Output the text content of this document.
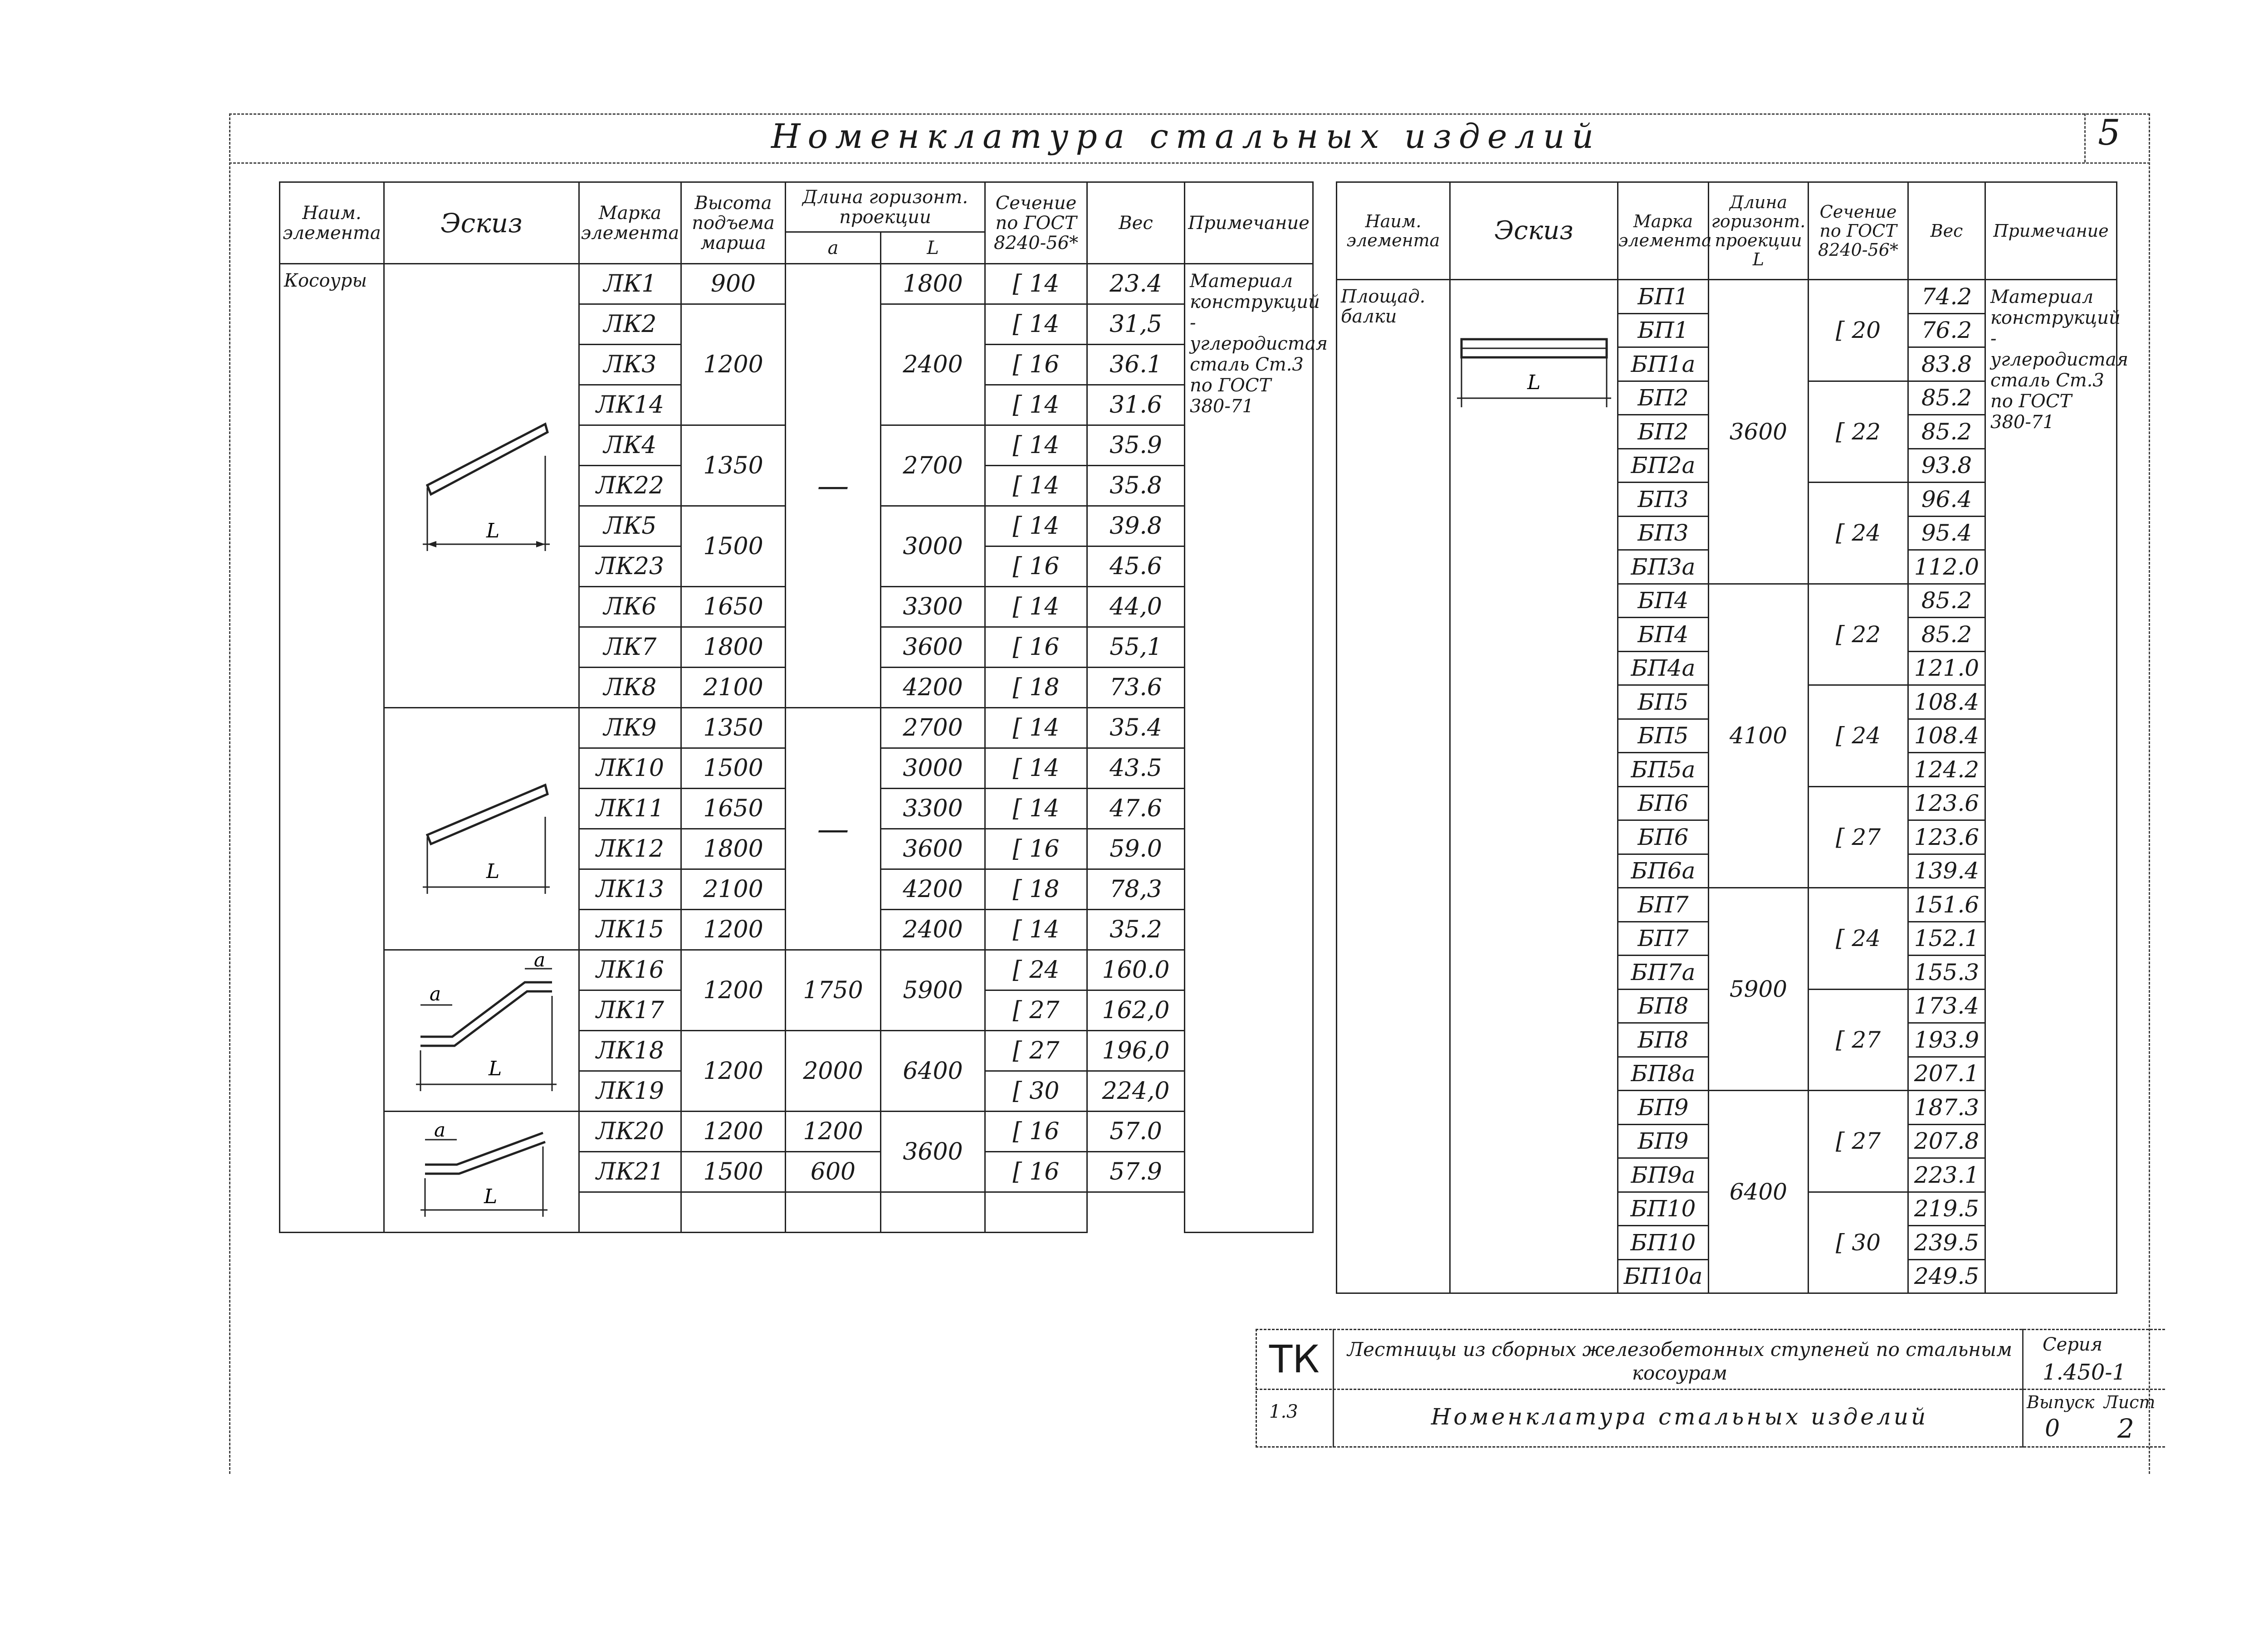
Номенклатура стальных изделий	5
Наим. элемента	Эскиз	Марка элемента	Высота подъема марша	Длина горизонт. проекции		Сечение по ГОСТ 8240-56*	Вес	Примечание
				a	L			
Косоуры	L	ЛК1	900	—	1800	[ 14	23.4	Материал конструкций - углеродистая сталь Ст.3 по ГОСТ 380-71
		ЛК2	1200		2400	[ 14	31,5	
		ЛК3				[ 16	36.1	
		ЛК14				[ 14	31.6	
		ЛК4	1350		2700	[ 14	35.9	
		ЛК22				[ 14	35.8	
		ЛК5	1500		3000	[ 14	39.8	
		ЛК23				[ 16	45.6	
		ЛК6	1650		3300	[ 14	44,0	
		ЛК7	1800		3600	[ 16	55,1	
		ЛК8	2100		4200	[ 18	73.6	

L	ЛК9	1350	—	2700	[ 14	35.4	
		ЛК10	1500		3000	[ 14	43.5	
		ЛК11	1650		3300	[ 14	47.6	
		ЛК12	1800		3600	[ 16	59.0	
		ЛК13	2100		4200	[ 18	78,3	
		ЛК15	1200		2400	[ 14	35.2	

a
a
L	ЛК16	1200	1750	5900	[ 24	160.0	
		ЛК17				[ 27	162,0	
		ЛК18	1200	2000	6400	[ 27	196,0	
		ЛК19				[ 30	224,0	

a
L	ЛК20	1200	1200	3600	[ 16	57.0	
		ЛК21	1500	600		[ 16	57.9	

Наим. элемента	Эскиз	Марка элемента	Длина горизонт. проекции L	Сечение по ГОСТ 8240-56*	Вес	Примечание
Площад. балки	L	БП1	3600	[ 20	74.2	Материал конструкций - углеродистая сталь Ст.3 по ГОСТ 380-71
		БП1			76.2	
		БП1а			83.8	
		БП2		[ 22	85.2	
		БП2			85.2	
		БП2а			93.8	
		БП3		[ 24	96.4	
		БП3			95.4	
		БП3а			112.0	
		БП4	4100	[ 22	85.2	
		БП4			85.2	
		БП4а			121.0	
		БП5		[ 24	108.4	
		БП5			108.4	
		БП5а			124.2	
		БП6		[ 27	123.6	
		БП6			123.6	
		БП6а			139.4	
		БП7	5900	[ 24	151.6	
		БП7			152.1	
		БП7а			155.3	
		БП8		[ 27	173.4	
		БП8			193.9	
		БП8а			207.1	
		БП9	6400	[ 27	187.3	
		БП9			207.8	
		БП9а			223.1	
		БП10		[ 30	219.5	
		БП10			239.5	
		БП10а			249.5	
ТК
1.3
Лестницы из сборных железобетонных ступеней по стальным косоурам
Номенклатура стальных изделий
Серия
1.450-1
Выпуск Лист
0 2
